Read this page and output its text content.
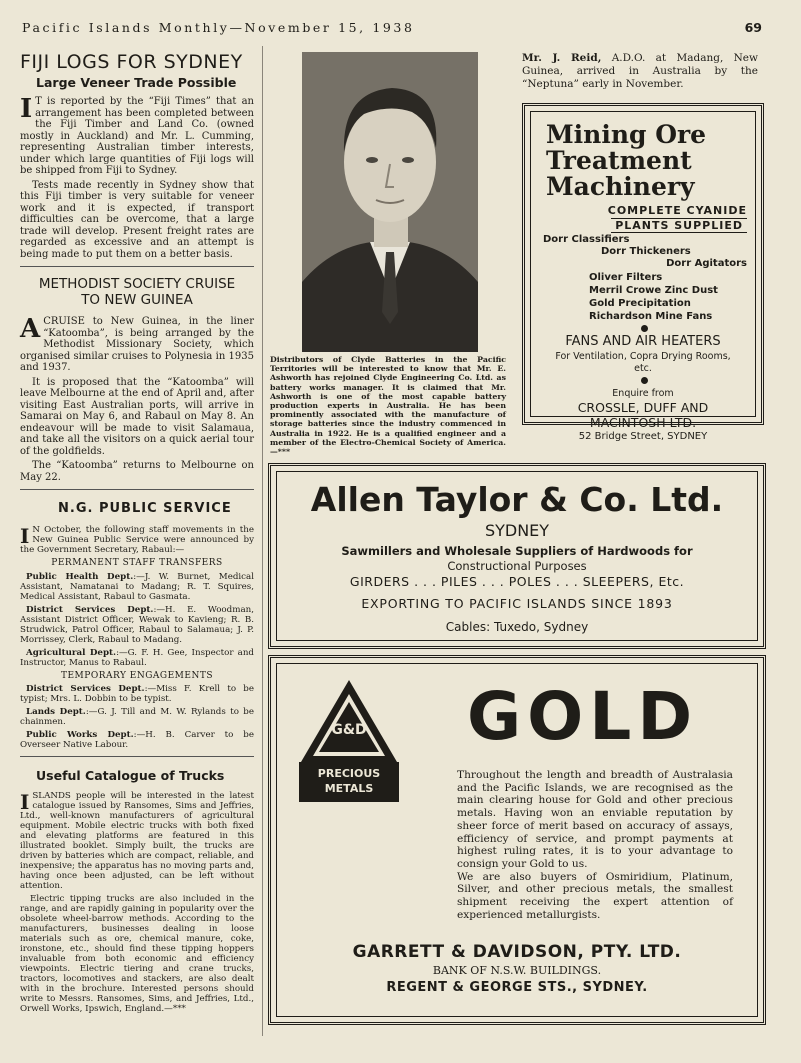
Pacific Islands Monthly—November 15, 1938	69
FIJI LOGS FOR SYDNEY
Large Veneer Trade Possible

I T is reported by the “Fiji Times” that an arrangement has been completed between the Fiji Timber and Land Co. (owned mostly in Auckland) and Mr. L. Cumming, representing Australian timber interests, under which large quantities of Fiji logs will be shipped from Fiji to Sydney.

Tests made recently in Sydney show that this Fiji timber is very suitable for veneer work and it is expected, if transport difficulties can be overcome, that a large trade will develop. Present freight rates are regarded as excessive and an attempt is being made to put them on a better basis.

METHODIST SOCIETY CRUISE
TO NEW GUINEA

ACRUISE to New Guinea, in the liner “Katoomba”, is being arranged by the Methodist Missionary Society, which organised similar cruises to Polynesia in 1935 and 1937.

It is proposed that the “Katoomba” will leave Melbourne at the end of April and, after visiting East Australian ports, will arrive in Samarai on May 6, and Rabaul on May 8. An endeavour will be made to visit Salamaua, and take all the visitors on a quick aerial tour of the goldfields.

The “Katoomba” returns to Melbourne on May 22.

N.G. PUBLIC SERVICE

I N October, the following staff movements in the New Guinea Public Service were announced by the Government Secretary, Rabaul:—

PERMANENT STAFF TRANSFERS

Public Health Dept.:—J. W. Burnet, Medical Assistant, Namatanai to Madang; R. T. Squires, Medical Assistant, Rabaul to Gasmata.

District Services Dept.:—H. E. Woodman, Assistant District Officer, Wewak to Kavieng; R. B. Strudwick, Patrol Officer, Rabaul to Salamaua; J. P. Morrissey, Clerk, Rabaul to Madang.

Agricultural Dept.:—G. F. H. Gee, Inspector and Instructor, Manus to Rabaul.

TEMPORARY ENGAGEMENTS

District Services Dept.:—Miss F. Krell to be typist; Mrs. L. Dobbin to be typist.

Lands Dept.:—G. J. Till and M. W. Rylands to be chainmen.

Public Works Dept.:—H. B. Carver to be Overseer Native Labour.

Useful Catalogue of Trucks

ISLANDS people will be interested in the latest catalogue issued by Ransomes, Sims and Jeffries, Ltd., well-known manufacturers of agricultural equipment. Mobile electric trucks with both fixed and elevating platforms are featured in this illustrated booklet. Simply built, the trucks are driven by batteries which are compact, reliable, and inexpensive; the apparatus has no moving parts and, having once been adjusted, can be left without attention.

Electric tipping trucks are also included in the range, and are rapidly gaining in popularity over the obsolete wheel-barrow methods. According to the manufacturers, businesses dealing in loose materials such as ore, chemical manure, coke, ironstone, etc., should find these tipping hoppers invaluable from both economic and efficiency viewpoints. Electric tiering and crane trucks, tractors, locomotives and stackers, are also dealt with in the brochure. Interested persons should write to Messrs. Ransomes, Sims, and Jeffries, Ltd., Orwell Works, Ipswich, England.—***

Distributors of Clyde Batteries in the Pacific Territories will be interested to know that Mr. E. Ashworth has rejoined Clyde Engineering Co. Ltd. as battery works manager. It is claimed that Mr. Ashworth is one of the most capable battery production experts in Australia. He has been prominently associated with the manufacture of storage batteries since the industry commenced in Australia in 1922. He is a qualified engineer and a member of the Electro-Chemical Society of America.—***
Mr. J. Reid, A.D.O. at Madang, New Guinea, arrived in Australia by the “Neptuna” early in November.
Mining Ore
Treatment
Machinery
COMPLETE CYANIDE
PLANTS SUPPLIED
Dorr Classifiers
Dorr Thickeners
Dorr Agitators
Oliver Filters
Merril Crowe Zinc Dust
Gold Precipitation
Richardson Mine Fans
FANS AND AIR HEATERS
For Ventilation, Copra Drying Rooms,
etc.
Enquire from
CROSSLE, DUFF AND
MACINTOSH LTD.
52 Bridge Street, SYDNEY
Allen Taylor & Co. Ltd.
SYDNEY
Sawmillers and Wholesale Suppliers of Hardwoods for
Constructional Purposes
GIRDERS . . . PILES . . . POLES . . . SLEEPERS, Etc.
EXPORTING TO PACIFIC ISLANDS SINCE 1893
Cables: Tuxedo, Sydney
G&D
PRECIOUS
METALS
GOLD
Throughout the length and breadth of Australasia and the Pacific Islands, we are recognised as the main clearing house for Gold and other precious metals. Having won an enviable reputation by sheer force of merit based on accuracy of assays, efficiency of service, and prompt payments at highest ruling rates, it is to your advantage to consign your Gold to us.
We are also buyers of Osmiridium, Platinum, Silver, and other precious metals, the smallest shipment receiving the expert attention of experienced metallurgists.
GARRETT & DAVIDSON, PTY. LTD.
BANK OF N.S.W. BUILDINGS.
REGENT & GEORGE STS., SYDNEY.
